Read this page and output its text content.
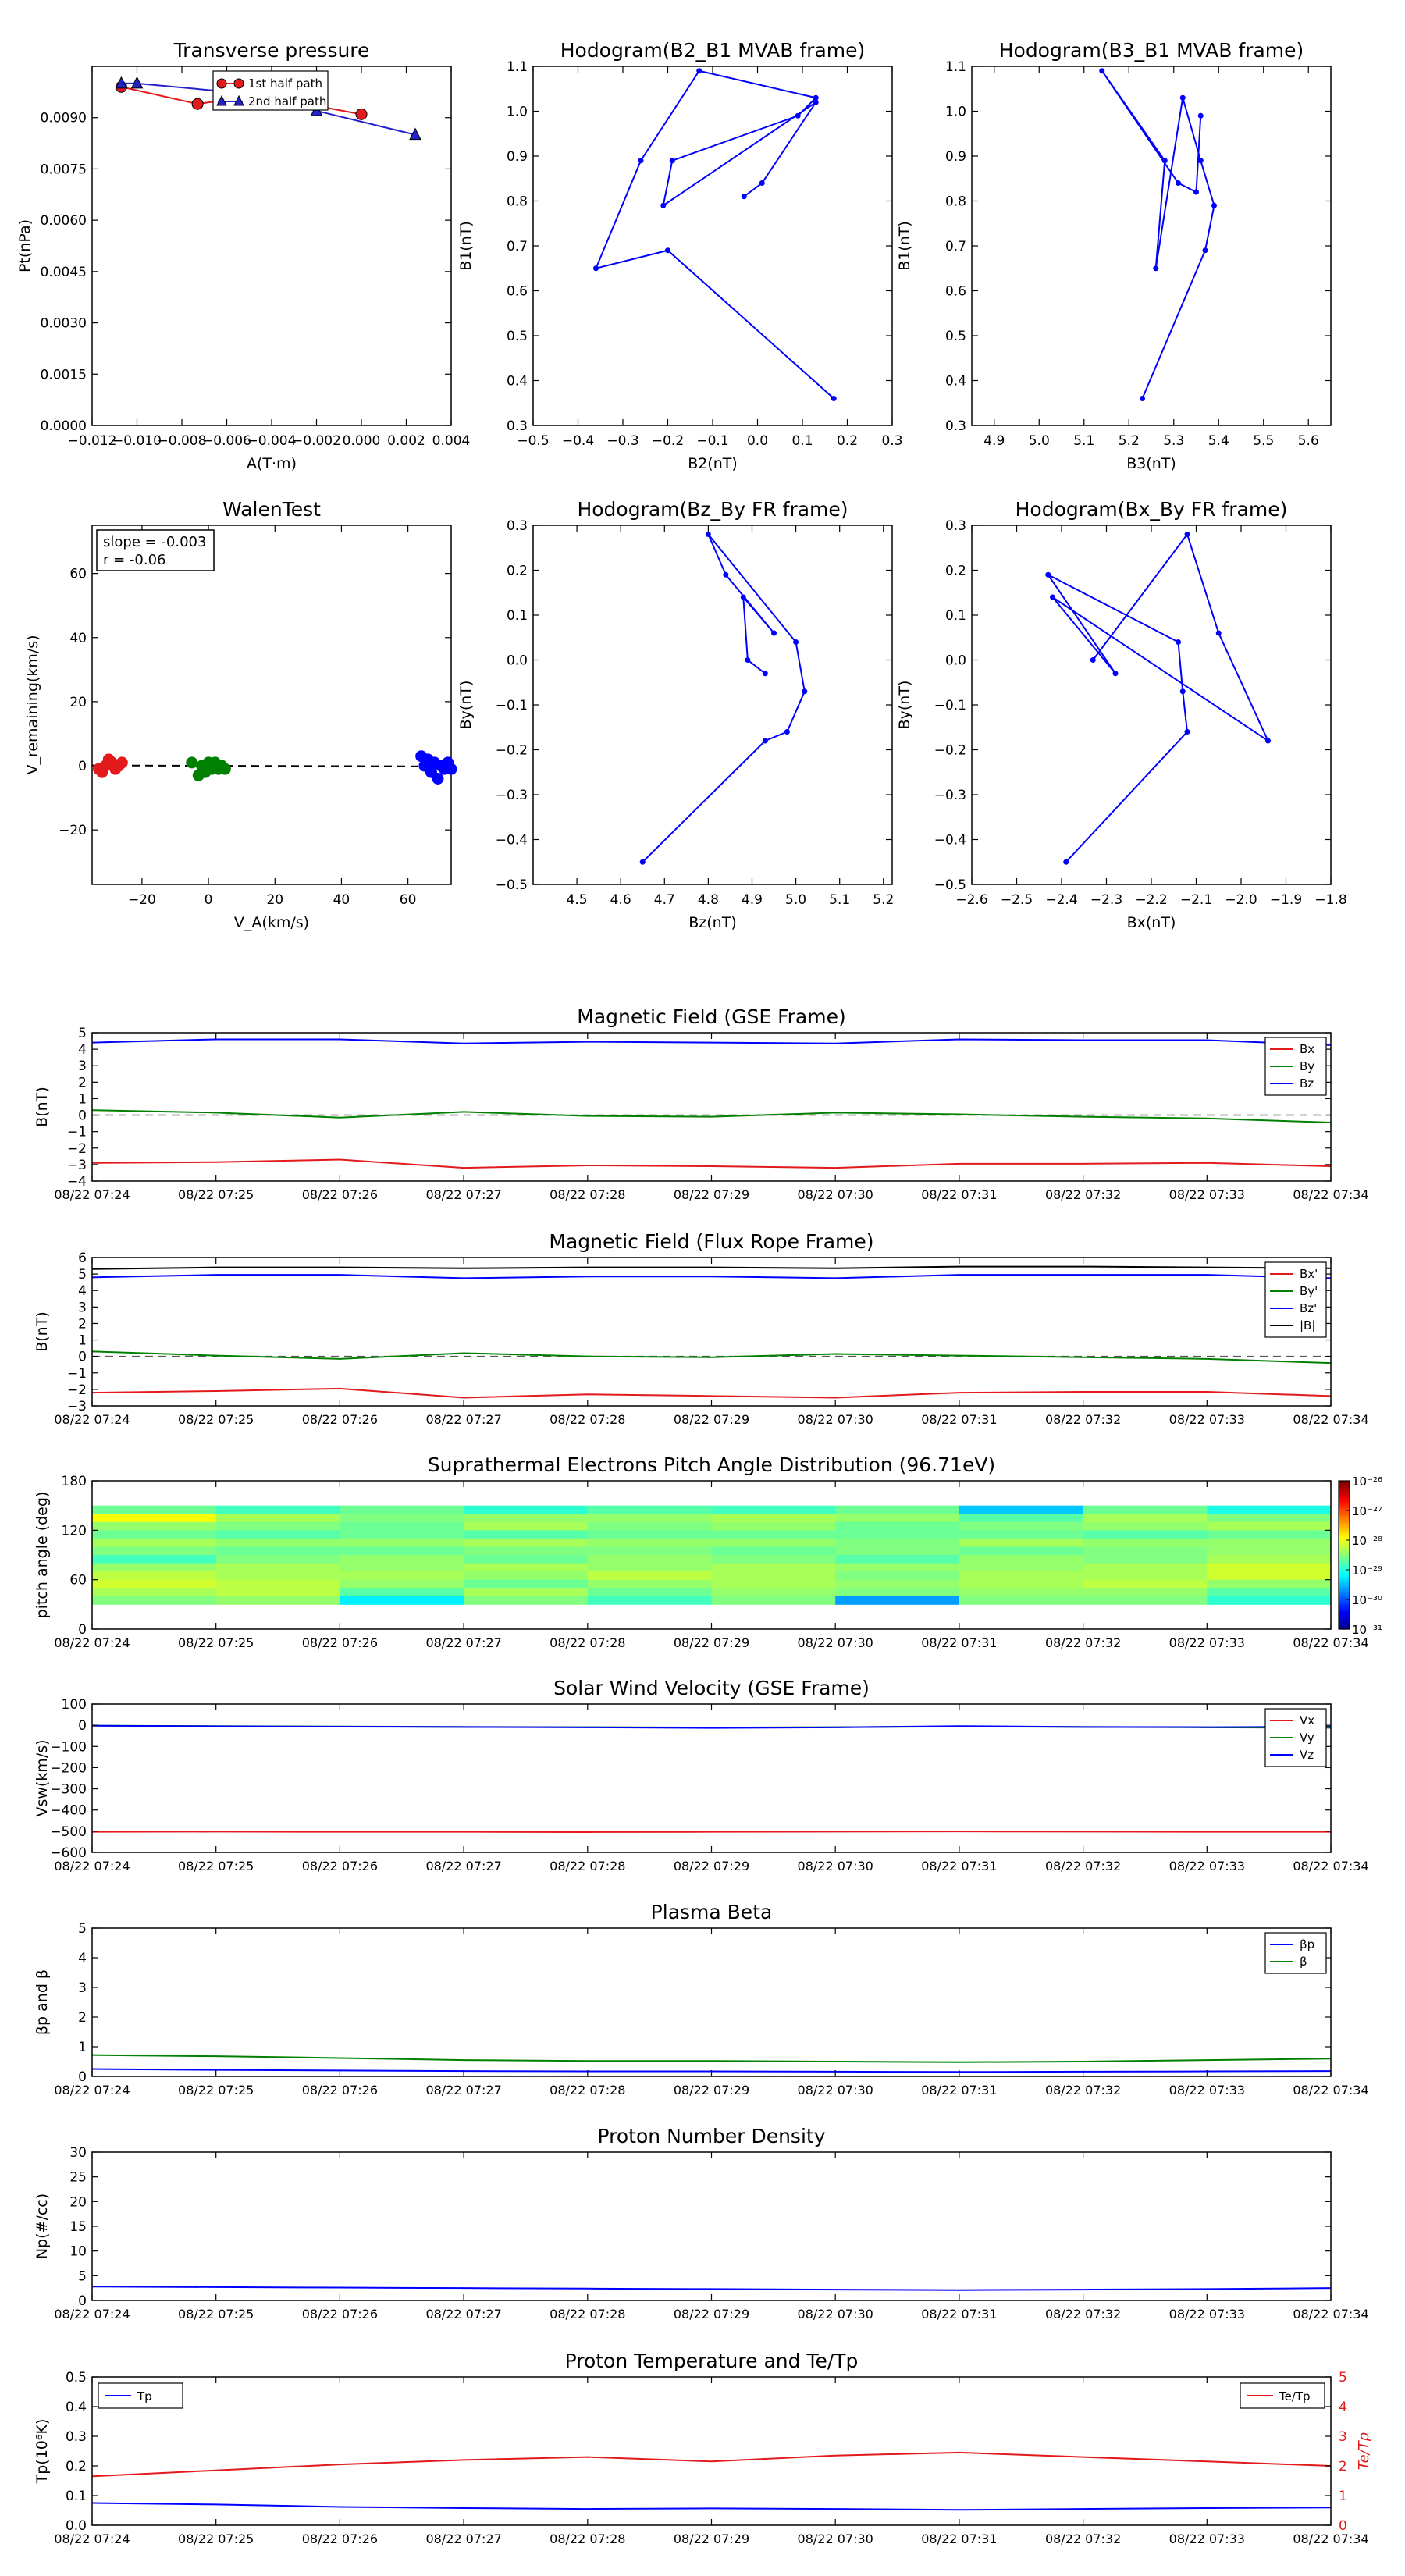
Transverse pressure
−0.012
−0.010
−0.008
−0.006
−0.004
−0.002 0.000 0.002 0.004
0.0000
0.0015
0.0030
0.0045
0.0060
0.0075
0.0090
A(T·m)
Pt(nPa)
1st half path
2nd half path
Hodogram(B2_B1 MVAB frame)
−0.5 −0.4 −0.3 −0.2 −0.1 0.0 0.1 0.2 0.3
0.3
0.4
0.5
0.6
0.7
0.8
0.9
1.0
1.1
B2(nT)
B1(nT)
Hodogram(B3_B1 MVAB frame)
4.9 5.0 5.1 5.2 5.3 5.4 5.5 5.6
0.3
0.4
0.5
0.6
0.7
0.8
0.9
1.0
1.1
B3(nT)
B1(nT)
WalenTest
−20	0	20	40	60
−20
0
20
40
60
V_A(km/s)
V_remaining(km/s)
slope = -0.003
r = -0.06
Hodogram(Bz_By FR frame)
4.5 4.6 4.7 4.8 4.9 5.0 5.1 5.2
−0.5
−0.4
−0.3
−0.2
−0.1
0.0
0.1
0.2
0.3
Bz(nT)
By(nT)
Hodogram(Bx_By FR frame)
−2.6 −2.5 −2.4 −2.3 −2.2 −2.1 −2.0 −1.9 −1.8
−0.5
−0.4
−0.3
−0.2
−0.1
0.0
0.1
0.2
0.3
Bx(nT)
By(nT)
Magnetic Field (GSE Frame)
08/22 07:24	08/22 07:25	08/22 07:26	08/22 07:27	08/22 07:28	08/22 07:29	08/22 07:30	08/22 07:31	08/22 07:32	08/22 07:33	08/22 07:34
−4
−3
−2
−1
0
1
2
3
4
5
B(nT)
Bx
By
Bz
Magnetic Field (Flux Rope Frame)
08/22 07:24	08/22 07:25	08/22 07:26	08/22 07:27	08/22 07:28	08/22 07:29	08/22 07:30	08/22 07:31	08/22 07:32	08/22 07:33	08/22 07:34
−3
−2
−1
0
1
2
3
4
5
6
B(nT)
Bx'
By'
Bz'
|B|
Solar Wind Velocity (GSE Frame)
08/22 07:24	08/22 07:25	08/22 07:26	08/22 07:27	08/22 07:28	08/22 07:29	08/22 07:30	08/22 07:31	08/22 07:32	08/22 07:33	08/22 07:34
−600
−500
−400
−300
−200
−100
0
100
Vsw(km/s)
Vx
Vy
Vz
Plasma Beta
08/22 07:24	08/22 07:25	08/22 07:26	08/22 07:27	08/22 07:28	08/22 07:29	08/22 07:30	08/22 07:31	08/22 07:32	08/22 07:33	08/22 07:34
0
1
2
3
4
5
βp and β
βp
β
Proton Number Density
08/22 07:24	08/22 07:25	08/22 07:26	08/22 07:27	08/22 07:28	08/22 07:29	08/22 07:30	08/22 07:31	08/22 07:32	08/22 07:33	08/22 07:34
0
5
10
15
20
25
30
Np(#/cc)
Proton Temperature and Te/Tp
08/22 07:24	08/22 07:25	08/22 07:26	08/22 07:27	08/22 07:28	08/22 07:29	08/22 07:30	08/22 07:31	08/22 07:32	08/22 07:33	08/22 07:34
0.0
0.1
0.2
0.3
0.4
0.5
Tp(10⁶K)
0
1
2
3
4
5
Te/Tp
Tp	Te/Tp
Suprathermal Electrons Pitch Angle Distribution (96.71eV)
08/22 07:24	08/22 07:25	08/22 07:26	08/22 07:27	08/22 07:28	08/22 07:29	08/22 07:30	08/22 07:31	08/22 07:32	08/22 07:33	08/22 07:34
0
60
120
180
pitch angle (deg)
10⁻²⁶
10⁻²⁷
10⁻²⁸
10⁻²⁹
10⁻³⁰
10⁻³¹
